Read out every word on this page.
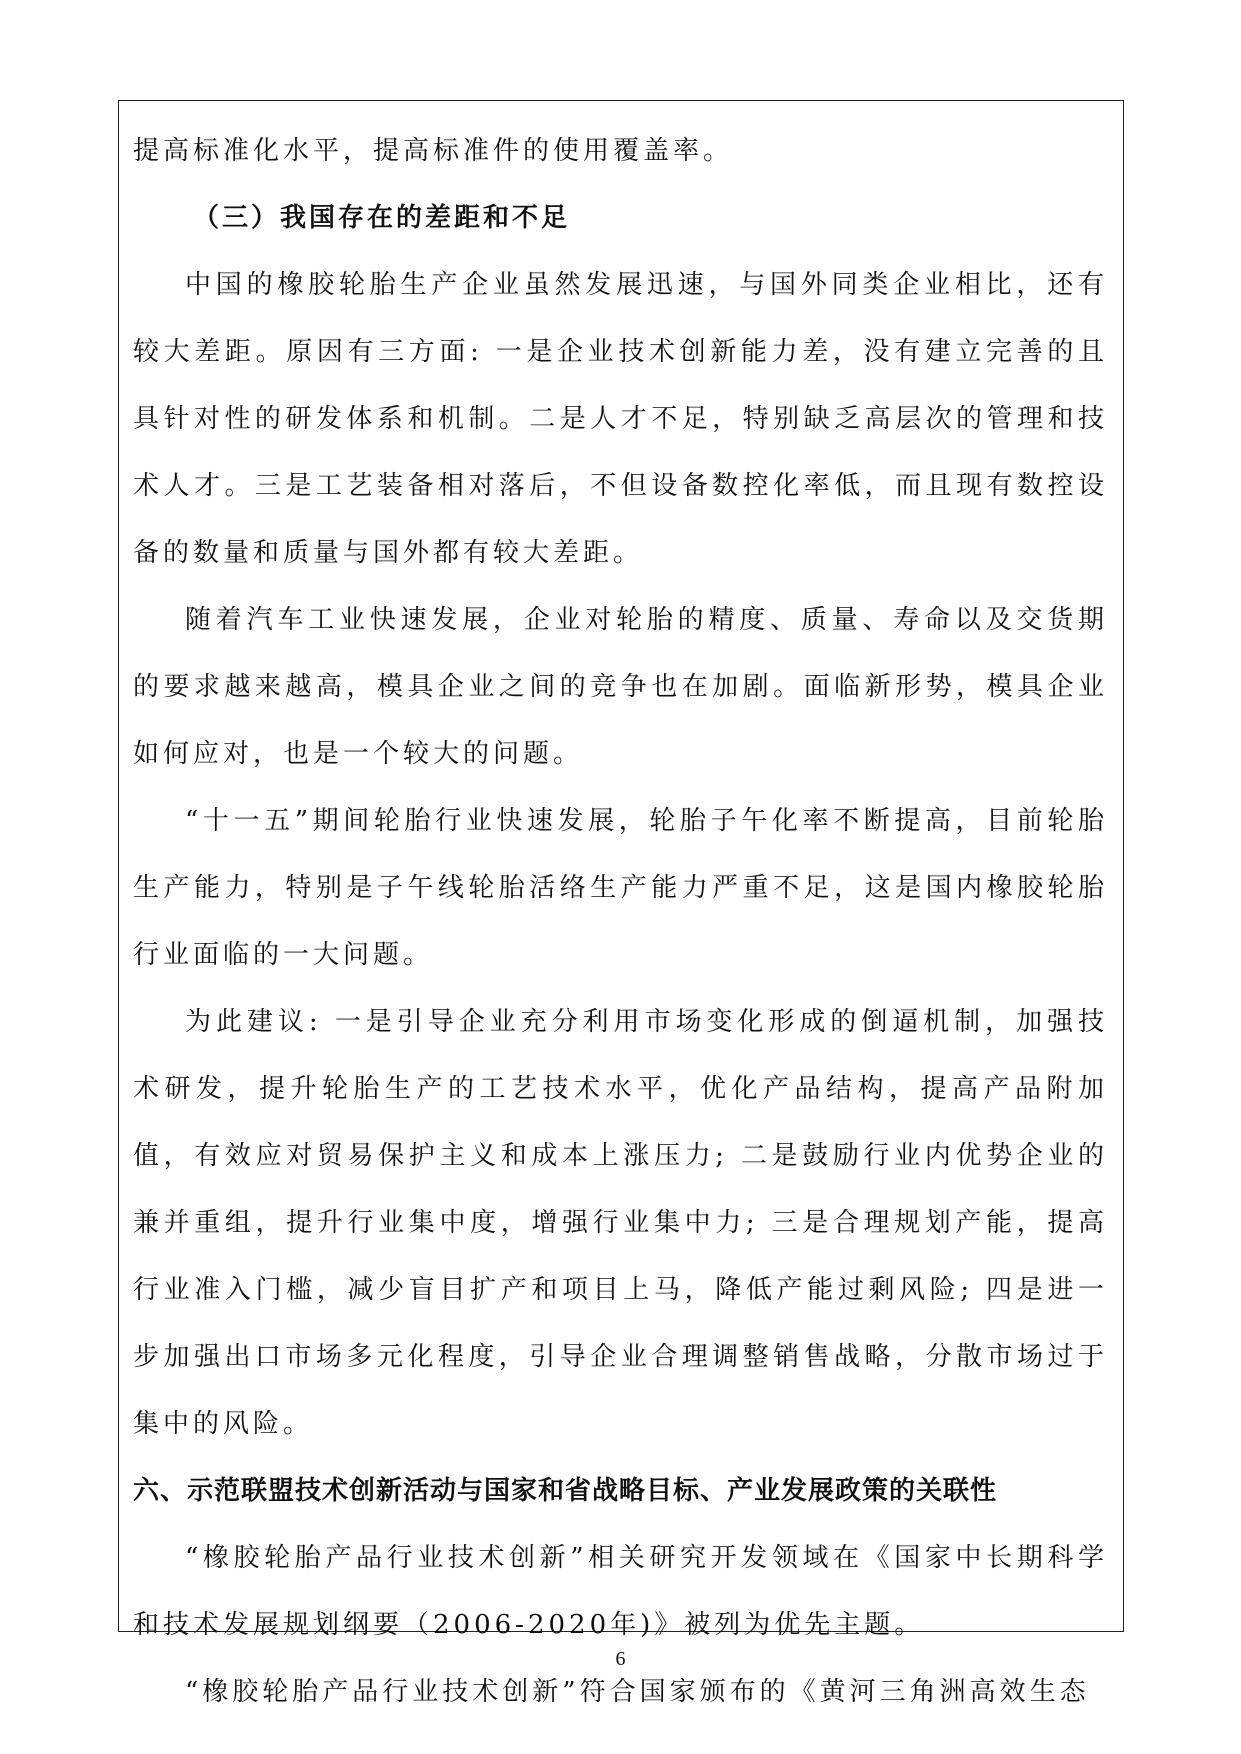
提高标准化水平，提高标准件的使用覆盖率。

（三）我国存在的差距和不足

中国的橡胶轮胎生产企业虽然发展迅速，与国外同类企业相比，还有较大差距。原因有三方面: 一是企业技术创新能力差，没有建立完善的且具针对性的研发体系和机制。二是人才不足，特别缺乏高层次的管理和技术人才。三是工艺装备相对落后，不但设备数控化率低，而且现有数控设备的数量和质量与国外都有较大差距。

随着汽车工业快速发展，企业对轮胎的精度、质量、寿命以及交货期的要求越来越高，模具企业之间的竞争也在加剧。面临新形势，模具企业如何应对，也是一个较大的问题。

“十一五”期间轮胎行业快速发展，轮胎子午化率不断提高，目前轮胎生产能力，特别是子午线轮胎活络生产能力严重不足，这是国内橡胶轮胎行业面临的一大问题。

为此建议: 一是引导企业充分利用市场变化形成的倒逼机制，加强技术研发，提升轮胎生产的工艺技术水平，优化产品结构，提高产品附加值，有效应对贸易保护主义和成本上涨压力; 二是鼓励行业内优势企业的兼并重组，提升行业集中度，增强行业集中力; 三是合理规划产能，提高行业准入门槛，减少盲目扩产和项目上马，降低产能过剩风险; 四是进一步加强出口市场多元化程度，引导企业合理调整销售战略，分散市场过于集中的风险。

六、示范联盟技术创新活动与国家和省战略目标、产业发展政策的关联性

“橡胶轮胎产品行业技术创新”相关研究开发领域在《国家中长期科学和技术发展规划纲要（2006-2020年)》被列为优先主题。

“橡胶轮胎产品行业技术创新”符合国家颁布的《黄河三角洲高效生态

6
